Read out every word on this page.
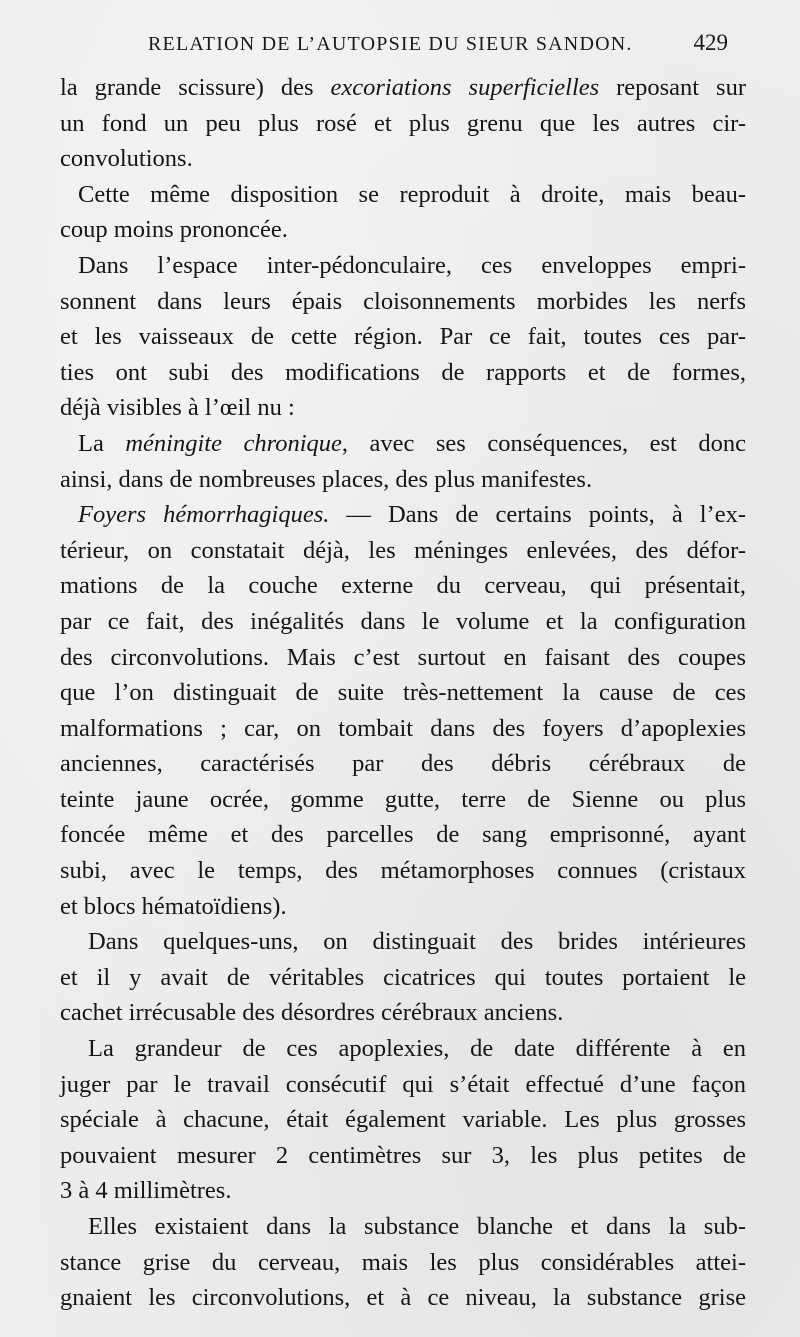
RELATION DE L’AUTOPSIE DU SIEUR SANDON.	429
la grande scissure) des excoriations superficielles reposant sur
un fond un peu plus rosé et plus grenu que les autres cir-
convolutions.
Cette même disposition se reproduit à droite, mais beau-
coup moins prononcée.
Dans l’espace inter-pédonculaire, ces enveloppes empri-
sonnent dans leurs épais cloisonnements morbides les nerfs
et les vaisseaux de cette région. Par ce fait, toutes ces par-
ties ont subi des modifications de rapports et de formes,
déjà visibles à l’œil nu :
La méningite chronique, avec ses conséquences, est donc
ainsi, dans de nombreuses places, des plus manifestes.
Foyers hémorrhagiques. — Dans de certains points, à l’ex-
térieur, on constatait déjà, les méninges enlevées, des défor-
mations de la couche externe du cerveau, qui présentait,
par ce fait, des inégalités dans le volume et la configuration
des circonvolutions. Mais c’est surtout en faisant des coupes
que l’on distinguait de suite très-nettement la cause de ces
malformations ; car, on tombait dans des foyers d’apoplexies
anciennes, caractérisés par des débris cérébraux de
teinte jaune ocrée, gomme gutte, terre de Sienne ou plus
foncée même et des parcelles de sang emprisonné, ayant
subi, avec le temps, des métamorphoses connues (cristaux
et blocs hématoïdiens).
Dans quelques-uns, on distinguait des brides intérieures
et il y avait de véritables cicatrices qui toutes portaient le
cachet irrécusable des désordres cérébraux anciens.
La grandeur de ces apoplexies, de date différente à en
juger par le travail consécutif qui s’était effectué d’une façon
spéciale à chacune, était également variable. Les plus grosses
pouvaient mesurer 2 centimètres sur 3, les plus petites de
3 à 4 millimètres.
Elles existaient dans la substance blanche et dans la sub-
stance grise du cerveau, mais les plus considérables attei-
gnaient les circonvolutions, et à ce niveau, la substance grise
